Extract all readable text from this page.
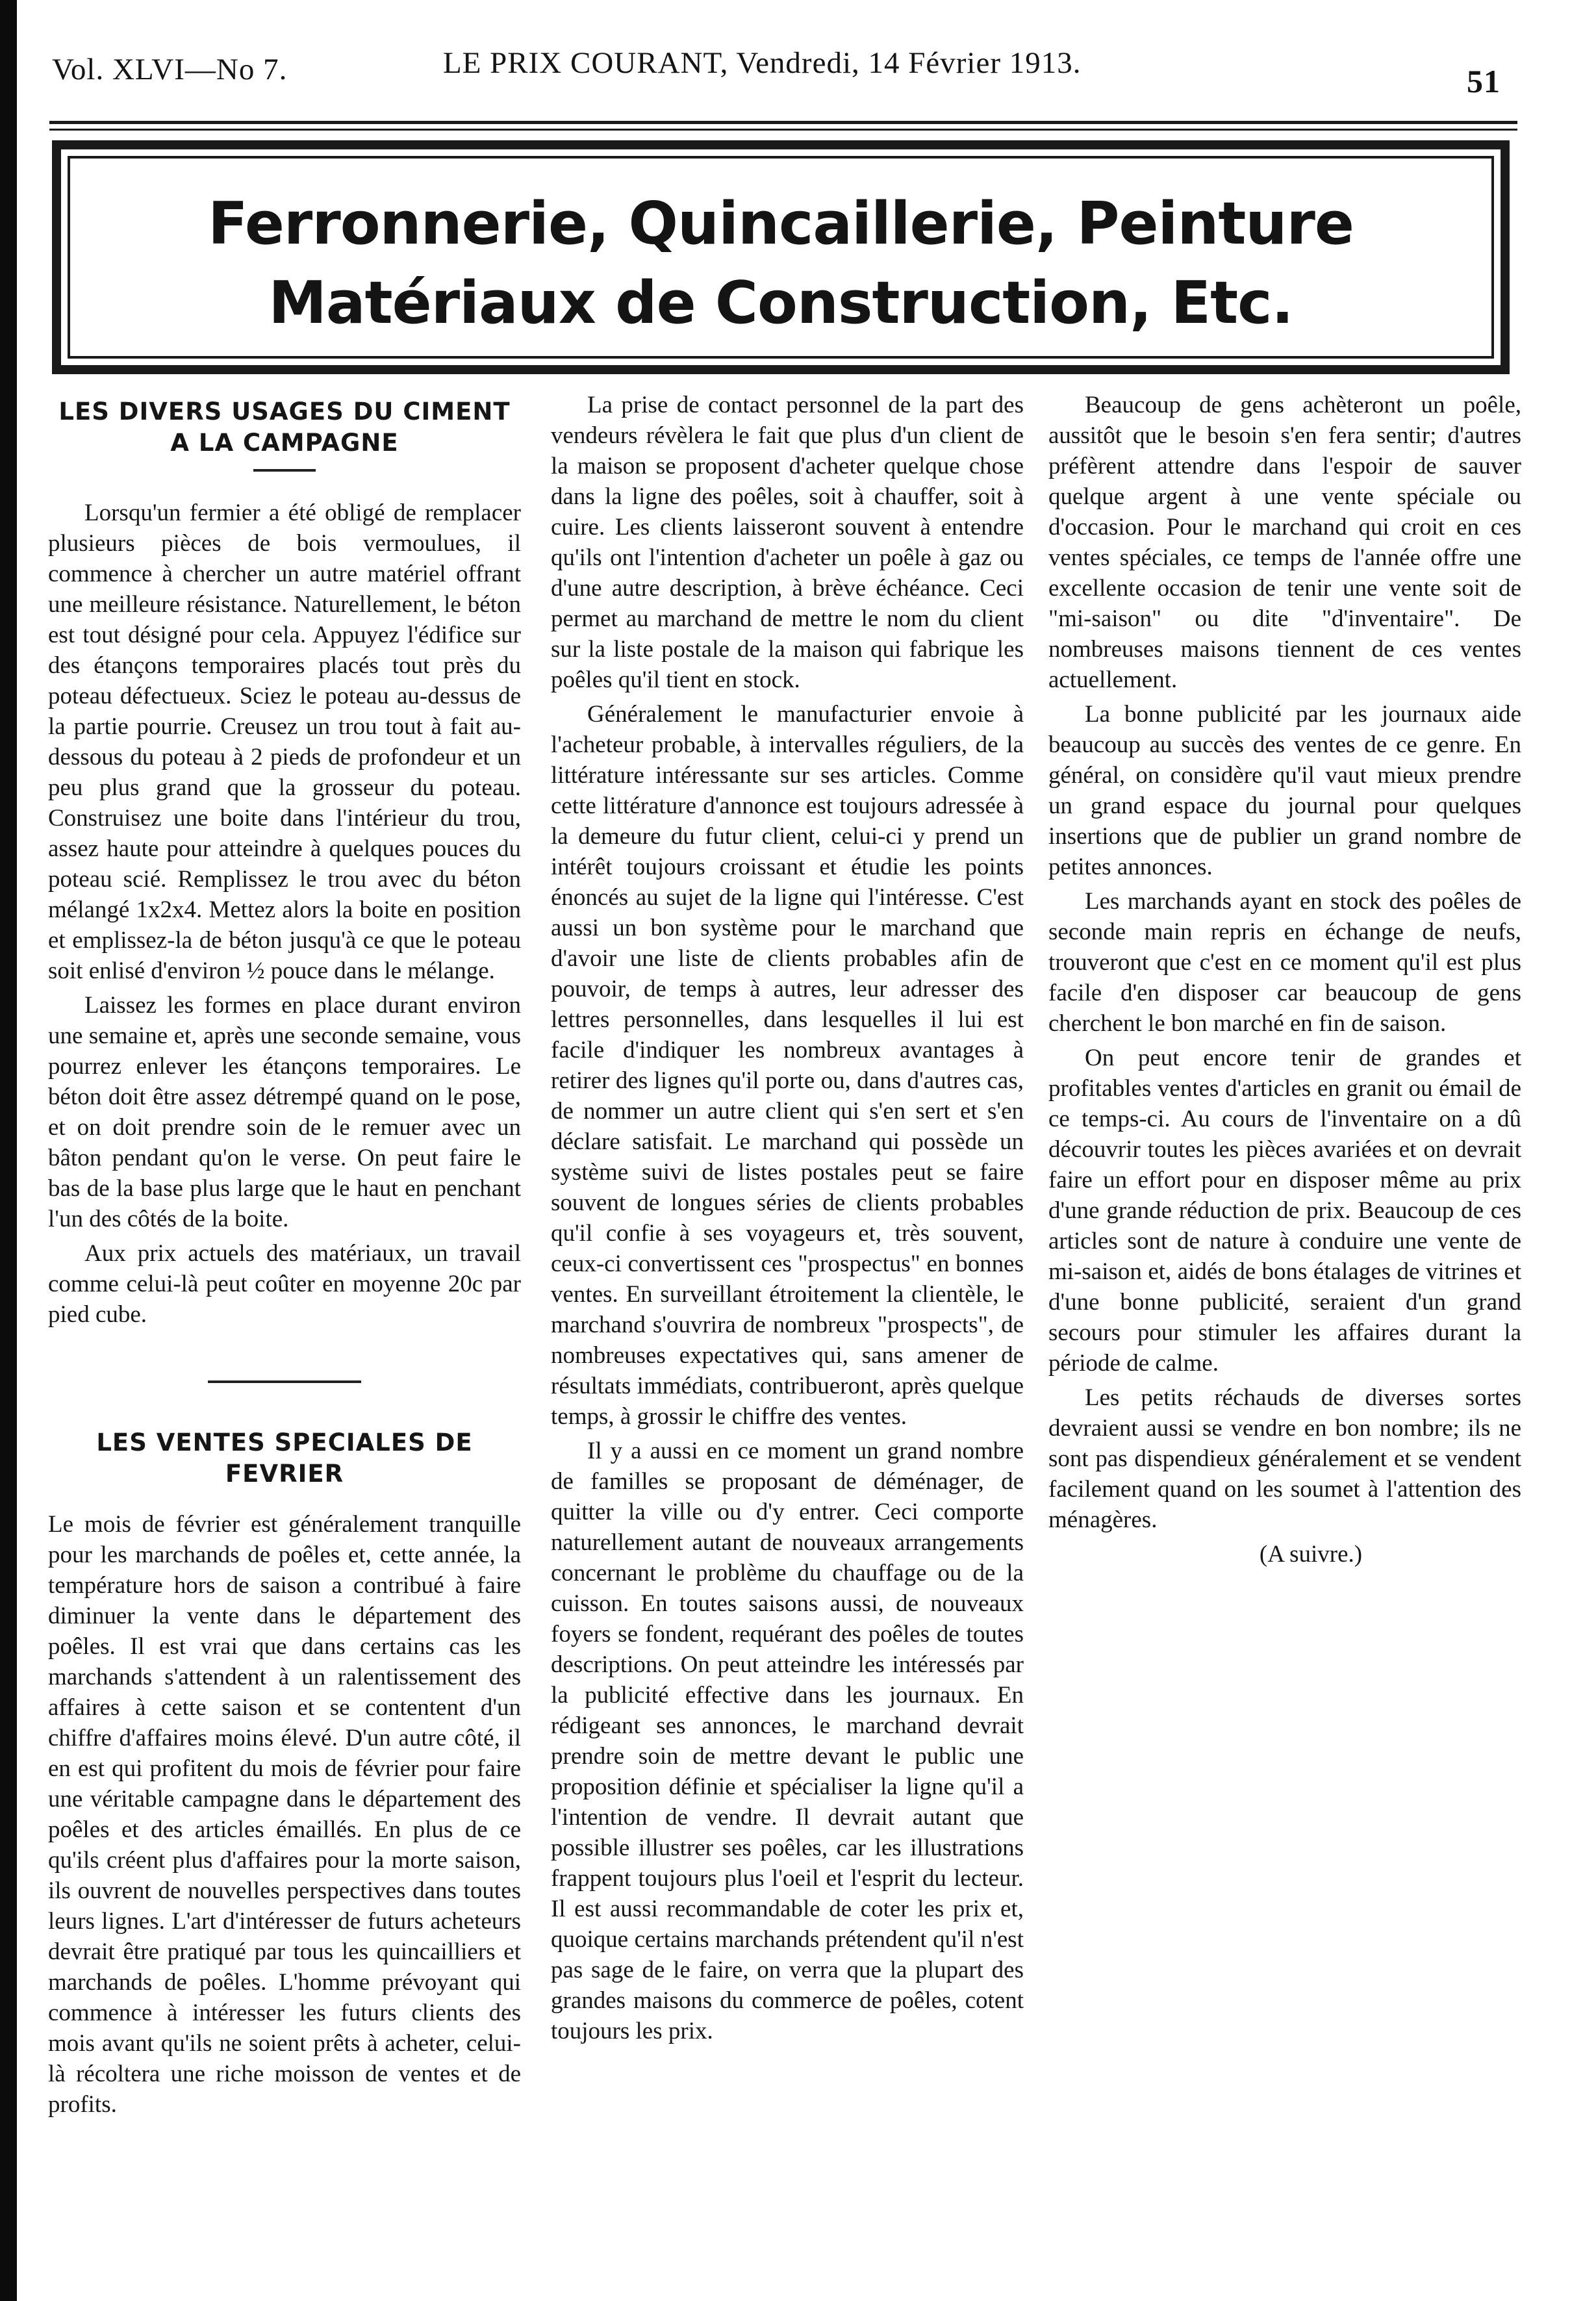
Vol. XLVI—No 7.	LE PRIX COURANT, Vendredi, 14 Février 1913.	51
Ferronnerie, Quincaillerie, Peinture
Matériaux de Construction, Etc.
LES DIVERS USAGES DU CIMENT A LA CAMPAGNE

Lorsqu'un fermier a été obligé de remplacer plusieurs pièces de bois vermoulues, il commence à chercher un autre matériel offrant une meilleure résistance. Naturellement, le béton est tout désigné pour cela. Appuyez l'édifice sur des étançons temporaires placés tout près du poteau défectueux. Sciez le poteau au-dessus de la partie pourrie. Creusez un trou tout à fait au-dessous du poteau à 2 pieds de profondeur et un peu plus grand que la grosseur du poteau. Construisez une boite dans l'intérieur du trou, assez haute pour atteindre à quelques pouces du poteau scié. Remplissez le trou avec du béton mélangé 1x2x4. Mettez alors la boite en position et emplissez-la de béton jusqu'à ce que le poteau soit enlisé d'environ ½ pouce dans le mélange.

Laissez les formes en place durant environ une semaine et, après une seconde semaine, vous pourrez enlever les étançons temporaires. Le béton doit être assez détrempé quand on le pose, et on doit prendre soin de le remuer avec un bâton pendant qu'on le verse. On peut faire le bas de la base plus large que le haut en penchant l'un des côtés de la boite.

Aux prix actuels des matériaux, un travail comme celui-là peut coûter en moyenne 20c par pied cube.

LES VENTES SPECIALES DE FEVRIER

Le mois de février est généralement tranquille pour les marchands de poêles et, cette année, la température hors de saison a contribué à faire diminuer la vente dans le département des poêles. Il est vrai que dans certains cas les marchands s'attendent à un ralentissement des affaires à cette saison et se contentent d'un chiffre d'affaires moins élevé. D'un autre côté, il en est qui profitent du mois de février pour faire une véritable campagne dans le département des poêles et des articles émaillés. En plus de ce qu'ils créent plus d'affaires pour la morte saison, ils ouvrent de nouvelles perspectives dans toutes leurs lignes. L'art d'intéresser de futurs acheteurs devrait être pratiqué par tous les quincailliers et marchands de poêles. L'homme prévoyant qui commence à intéresser les futurs clients des mois avant qu'ils ne soient prêts à acheter, celui-là récoltera une riche moisson de ventes et de profits.

La prise de contact personnel de la part des vendeurs révèlera le fait que plus d'un client de la maison se proposent d'acheter quelque chose dans la ligne des poêles, soit à chauffer, soit à cuire. Les clients laisseront souvent à entendre qu'ils ont l'intention d'acheter un poêle à gaz ou d'une autre description, à brève échéance. Ceci permet au marchand de mettre le nom du client sur la liste postale de la maison qui fabrique les poêles qu'il tient en stock.

Généralement le manufacturier envoie à l'acheteur probable, à intervalles réguliers, de la littérature intéressante sur ses articles. Comme cette littérature d'annonce est toujours adressée à la demeure du futur client, celui-ci y prend un intérêt toujours croissant et étudie les points énoncés au sujet de la ligne qui l'intéresse. C'est aussi un bon système pour le marchand que d'avoir une liste de clients probables afin de pouvoir, de temps à autres, leur adresser des lettres personnelles, dans lesquelles il lui est facile d'indiquer les nombreux avantages à retirer des lignes qu'il porte ou, dans d'autres cas, de nommer un autre client qui s'en sert et s'en déclare satisfait. Le marchand qui possède un système suivi de listes postales peut se faire souvent de longues séries de clients probables qu'il confie à ses voyageurs et, très souvent, ceux-ci convertissent ces "prospectus" en bonnes ventes. En surveillant étroitement la clientèle, le marchand s'ouvrira de nombreux "prospects", de nombreuses expectatives qui, sans amener de résultats immédiats, contribueront, après quelque temps, à grossir le chiffre des ventes.

Il y a aussi en ce moment un grand nombre de familles se proposant de déménager, de quitter la ville ou d'y entrer. Ceci comporte naturellement autant de nouveaux arrangements concernant le problème du chauffage ou de la cuisson. En toutes saisons aussi, de nouveaux foyers se fondent, requérant des poêles de toutes descriptions. On peut atteindre les intéressés par la publicité effective dans les journaux. En rédigeant ses annonces, le marchand devrait prendre soin de mettre devant le public une proposition définie et spécialiser la ligne qu'il a l'intention de vendre. Il devrait autant que possible illustrer ses poêles, car les illustrations frappent toujours plus l'oeil et l'esprit du lecteur. Il est aussi recommandable de coter les prix et, quoique certains marchands prétendent qu'il n'est pas sage de le faire, on verra que la plupart des grandes maisons du commerce de poêles, cotent toujours les prix.

Beaucoup de gens achèteront un poêle, aussitôt que le besoin s'en fera sentir; d'autres préfèrent attendre dans l'espoir de sauver quelque argent à une vente spéciale ou d'occasion. Pour le marchand qui croit en ces ventes spéciales, ce temps de l'année offre une excellente occasion de tenir une vente soit de "mi-saison" ou dite "d'inventaire". De nombreuses maisons tiennent de ces ventes actuellement.

La bonne publicité par les journaux aide beaucoup au succès des ventes de ce genre. En général, on considère qu'il vaut mieux prendre un grand espace du journal pour quelques insertions que de publier un grand nombre de petites annonces.

Les marchands ayant en stock des poêles de seconde main repris en échange de neufs, trouveront que c'est en ce moment qu'il est plus facile d'en disposer car beaucoup de gens cherchent le bon marché en fin de saison.

On peut encore tenir de grandes et profitables ventes d'articles en granit ou émail de ce temps-ci. Au cours de l'inventaire on a dû découvrir toutes les pièces avariées et on devrait faire un effort pour en disposer même au prix d'une grande réduction de prix. Beaucoup de ces articles sont de nature à conduire une vente de mi-saison et, aidés de bons étalages de vitrines et d'une bonne publicité, seraient d'un grand secours pour stimuler les affaires durant la période de calme.

Les petits réchauds de diverses sortes devraient aussi se vendre en bon nombre; ils ne sont pas dispendieux généralement et se vendent facilement quand on les soumet à l'attention des ménagères.

(A suivre.)
